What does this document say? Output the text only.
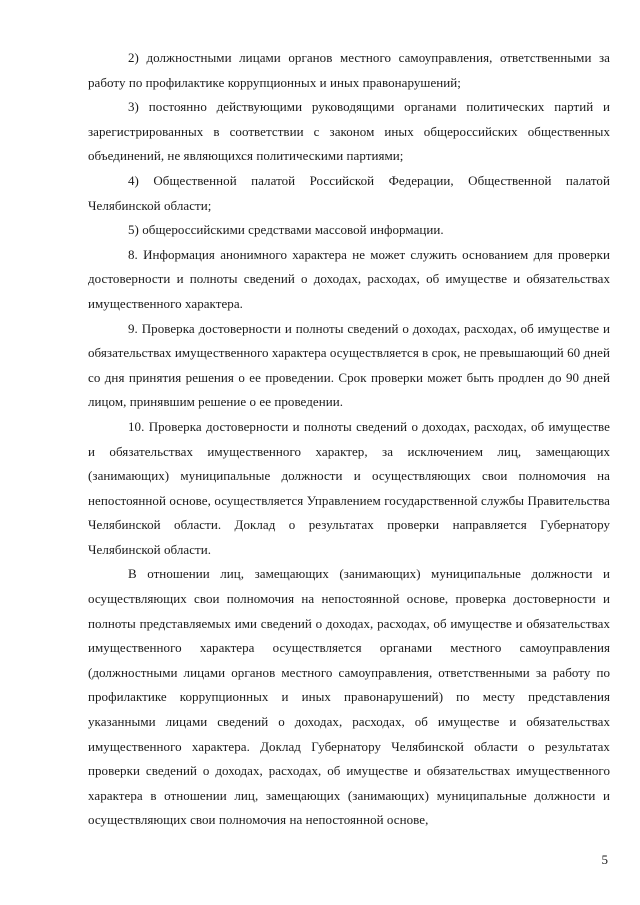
2) должностными лицами органов местного самоуправления, ответственными за работу по профилактике коррупционных и иных правонарушений;

3) постоянно действующими руководящими органами политических партий и зарегистрированных в соответствии с законом иных общероссийских общественных объединений, не являющихся политическими партиями;

4) Общественной палатой Российской Федерации, Общественной палатой Челябинской области;

5) общероссийскими средствами массовой информации.

8. Информация анонимного характера не может служить основанием для проверки достоверности и полноты сведений о доходах, расходах, об имуществе и обязательствах имущественного характера.

9. Проверка достоверности и полноты сведений о доходах, расходах, об имуществе и обязательствах имущественного характера осуществляется в срок, не превышающий 60 дней со дня принятия решения о ее проведении. Срок проверки может быть продлен до 90 дней лицом, принявшим решение о ее проведении.

10. Проверка достоверности и полноты сведений о доходах, расходах, об имуществе и обязательствах имущественного характер, за исключением лиц, замещающих (занимающих) муниципальные должности и осуществляющих свои полномочия на непостоянной основе, осуществляется Управлением государственной службы Правительства Челябинской области. Доклад о результатах проверки направляется Губернатору Челябинской области.

В отношении лиц, замещающих (занимающих) муниципальные должности и осуществляющих свои полномочия на непостоянной основе, проверка достоверности и полноты представляемых ими сведений о доходах, расходах, об имуществе и обязательствах имущественного характера осуществляется органами местного самоуправления (должностными лицами органов местного самоуправления, ответственными за работу по профилактике коррупционных и иных правонарушений) по месту представления указанными лицами сведений о доходах, расходах, об имуществе и обязательствах имущественного характера. Доклад Губернатору Челябинской области о результатах проверки сведений о доходах, расходах, об имуществе и обязательствах имущественного характера в отношении лиц, замещающих (занимающих) муниципальные должности и осуществляющих свои полномочия на непостоянной основе,

5
